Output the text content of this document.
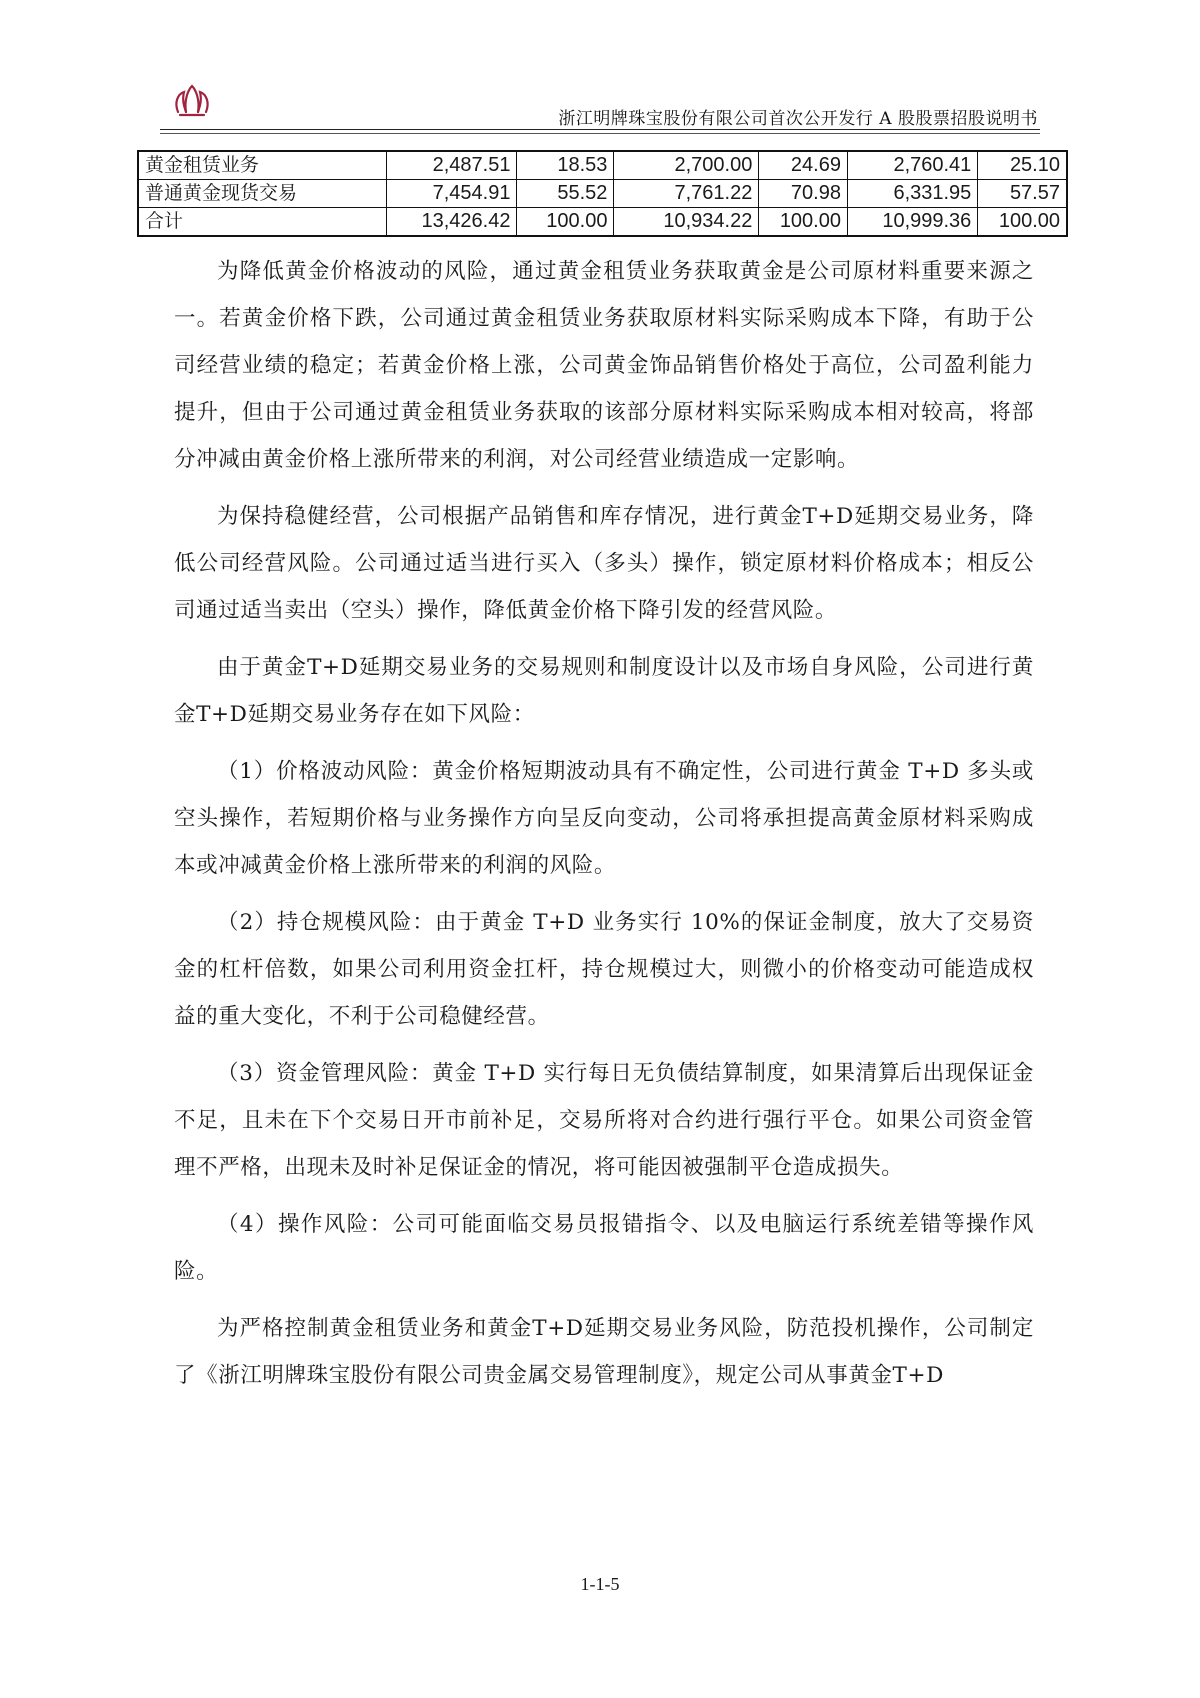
浙江明牌珠宝股份有限公司首次公开发行 A 股股票招股说明书
黄金租赁业务	2,487.51	18.53	2,700.00	24.69	2,760.41	25.10
普通黄金现货交易	7,454.91	55.52	7,761.22	70.98	6,331.95	57.57
合计	13,426.42	100.00	10,934.22	100.00	10,999.36	100.00

为降低黄金价格波动的风险，通过黄金租赁业务获取黄金是公司原材料重要来源之一。若黄金价格下跌，公司通过黄金租赁业务获取原材料实际采购成本下降，有助于公司经营业绩的稳定；若黄金价格上涨，公司黄金饰品销售价格处于高位，公司盈利能力提升，但由于公司通过黄金租赁业务获取的该部分原材料实际采购成本相对较高，将部分冲减由黄金价格上涨所带来的利润，对公司经营业绩造成一定影响。

为保持稳健经营，公司根据产品销售和库存情况，进行黄金T+D延期交易业务，降低公司经营风险。公司通过适当进行买入（多头）操作，锁定原材料价格成本；相反公司通过适当卖出（空头）操作，降低黄金价格下降引发的经营风险。

由于黄金T+D延期交易业务的交易规则和制度设计以及市场自身风险，公司进行黄金T+D延期交易业务存在如下风险：

（1）价格波动风险：黄金价格短期波动具有不确定性，公司进行黄金 T+D 多头或空头操作，若短期价格与业务操作方向呈反向变动，公司将承担提高黄金原材料采购成本或冲减黄金价格上涨所带来的利润的风险。

（2）持仓规模风险：由于黄金 T+D 业务实行 10%的保证金制度，放大了交易资金的杠杆倍数，如果公司利用资金扛杆，持仓规模过大，则微小的价格变动可能造成权益的重大变化，不利于公司稳健经营。

（3）资金管理风险：黄金 T+D 实行每日无负债结算制度，如果清算后出现保证金不足，且未在下个交易日开市前补足，交易所将对合约进行强行平仓。如果公司资金管理不严格，出现未及时补足保证金的情况，将可能因被强制平仓造成损失。

（4）操作风险：公司可能面临交易员报错指令、以及电脑运行系统差错等操作风险。

为严格控制黄金租赁业务和黄金T+D延期交易业务风险，防范投机操作，公司制定了《浙江明牌珠宝股份有限公司贵金属交易管理制度》，规定公司从事黄金T+D

1-1-5
